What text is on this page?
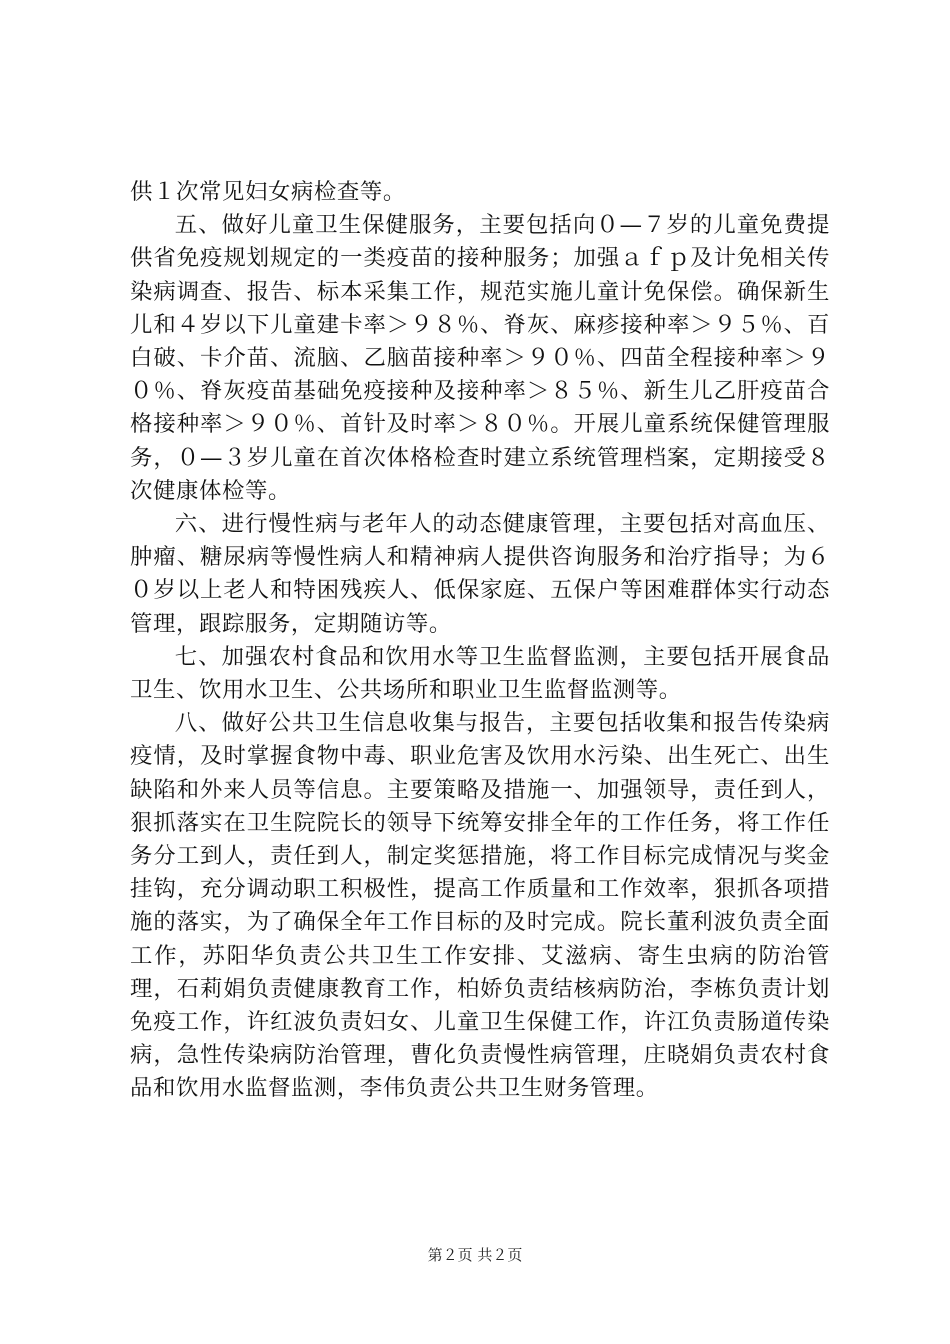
供１次常见妇女病检查等。

五、做好儿童卫生保健服务，主要包括向０—７岁的儿童免费提供省免疫规划规定的一类疫苗的接种服务；加强ａｆｐ及计免相关传染病调查、报告、标本采集工作，规范实施儿童计免保偿。确保新生儿和４岁以下儿童建卡率＞９８％、脊灰、麻疹接种率＞９５％、百白破、卡介苗、流脑、乙脑苗接种率＞９０％、四苗全程接种率＞９０％、脊灰疫苗基础免疫接种及接种率＞８５％、新生儿乙肝疫苗合格接种率＞９０％、首针及时率＞８０％。开展儿童系统保健管理服务，０—３岁儿童在首次体格检查时建立系统管理档案，定期接受８次健康体检等。

六、进行慢性病与老年人的动态健康管理，主要包括对高血压、肿瘤、糖尿病等慢性病人和精神病人提供咨询服务和治疗指导；为６０岁以上老人和特困残疾人、低保家庭、五保户等困难群体实行动态管理，跟踪服务，定期随访等。

七、加强农村食品和饮用水等卫生监督监测，主要包括开展食品卫生、饮用水卫生、公共场所和职业卫生监督监测等。

八、做好公共卫生信息收集与报告，主要包括收集和报告传染病疫情，及时掌握食物中毒、职业危害及饮用水污染、出生死亡、出生缺陷和外来人员等信息。主要策略及措施一、加强领导，责任到人，狠抓落实在卫生院院长的领导下统筹安排全年的工作任务，将工作任务分工到人，责任到人，制定奖惩措施，将工作目标完成情况与奖金挂钩，充分调动职工积极性，提高工作质量和工作效率，狠抓各项措施的落实，为了确保全年工作目标的及时完成。院长董利波负责全面工作，苏阳华负责公共卫生工作安排、艾滋病、寄生虫病的防治管理，石莉娟负责健康教育工作，柏娇负责结核病防治，李栋负责计划免疫工作，许红波负责妇女、儿童卫生保健工作，许江负责肠道传染病，急性传染病防治管理，曹化负责慢性病管理，庄晓娟负责农村食品和饮用水监督监测，李伟负责公共卫生财务管理。

第２页 共２页
